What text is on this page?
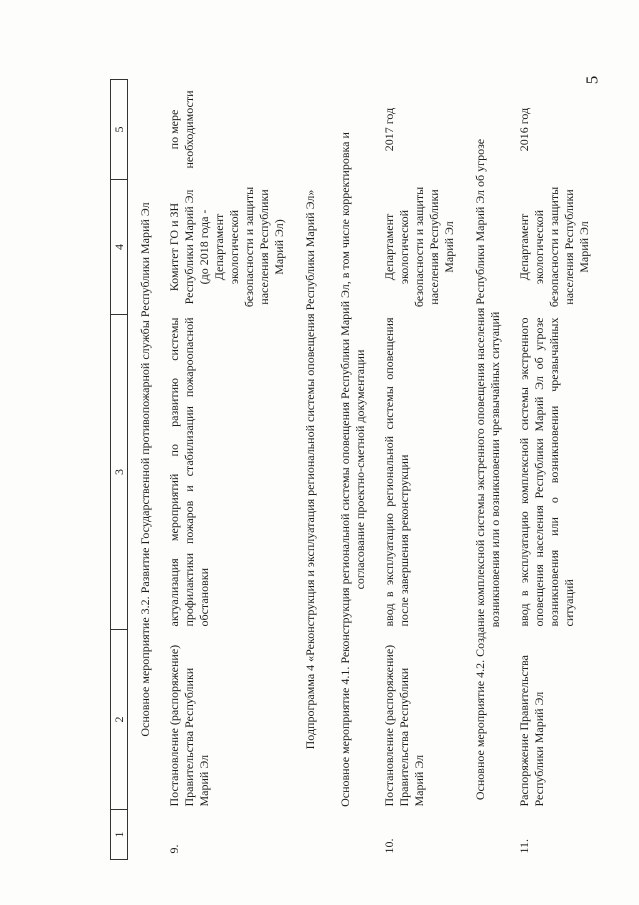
5
1	2	3	4	5
Основное мероприятие 3.2. Развитие Государственной противопожарной службы Республики Марий Эл				
9.	Постановление (распоряжение) Правительства Республики Марий Эл	актуализация мероприятий по развитию системы профилактики пожаров и стабилизации пожароопасной обстановки	Комитет ГО и ЗН Республики Марий Эл (до 2018 года - Департамент экологической безопасности и защиты населения Республики Марий Эл)	по мере необходимости
Подпрограмма 4 «Реконструкция и эксплуатация региональной системы оповещения Республики Марий Эл»				
Основное мероприятие 4.1. Реконструкция региональной системы оповещения Республики Марий Эл, в том числе корректировка и согласование проектно-сметной документации				
10.	Постановление (распоряжение) Правительства Республики Марий Эл	ввод в эксплуатацию региональной системы оповещения после завершения реконструкции	Департамент экологической безопасности и защиты населения Республики Марий Эл	2017 год
Основное мероприятие 4.2. Создание комплексной системы экстренного оповещения населения Республики Марий Эл об угрозе возникновения или о возникновении чрезвычайных ситуаций				
11.	Распоряжение Правительства Республики Марий Эл	ввод в эксплуатацию комплексной системы экстренного оповещения населения Республики Марий Эл об угрозе возникновения или о возникновении чрезвычайных ситуаций	Департамент экологической безопасности и защиты населения Республики Марий Эл	2016 год
